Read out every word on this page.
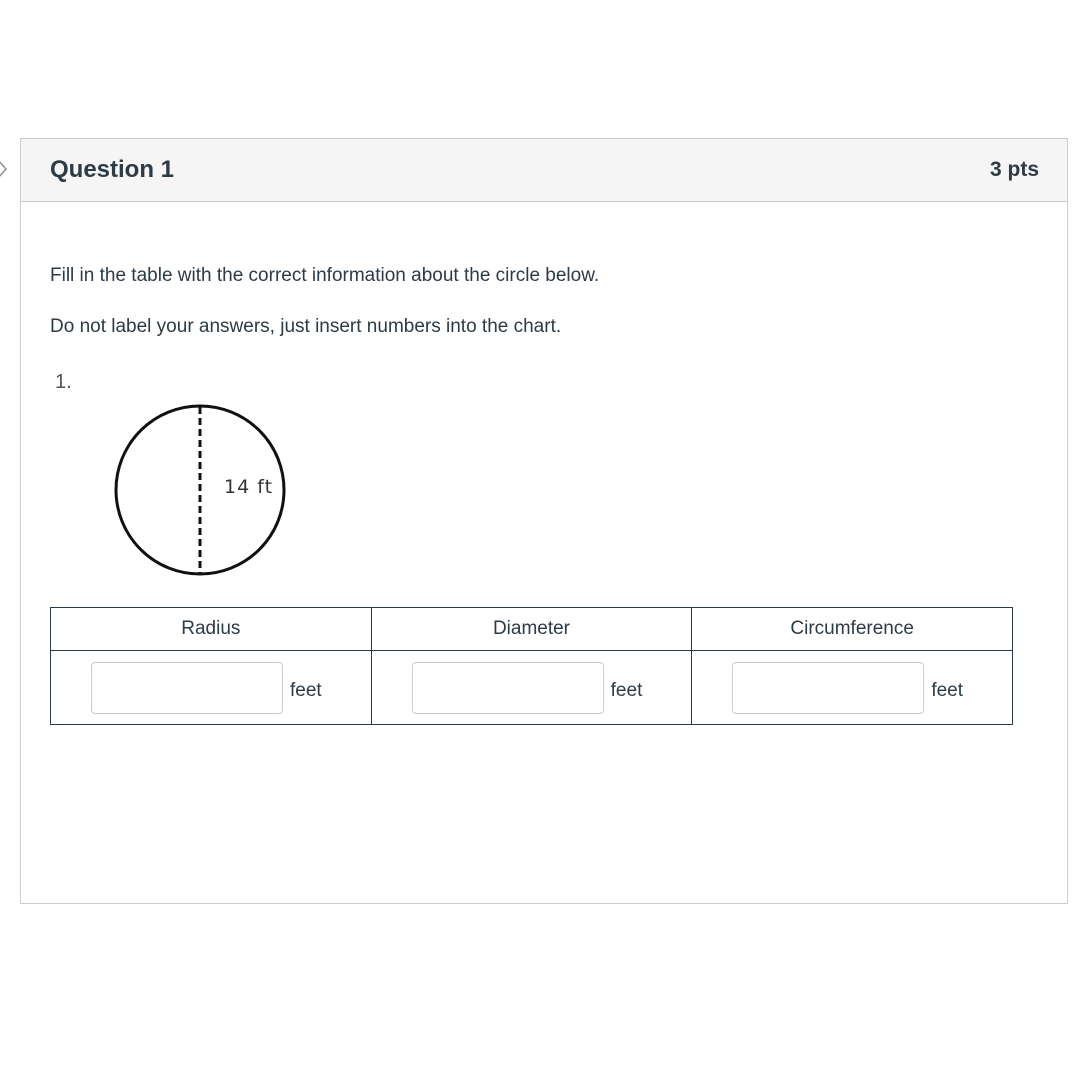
Question 1	3 pts

Fill in the table with the correct information about the circle below.

Do not label your answers, just insert numbers into the chart.

1.
14 ft
Radius	Diameter	Circumference

feet	feet	feet
